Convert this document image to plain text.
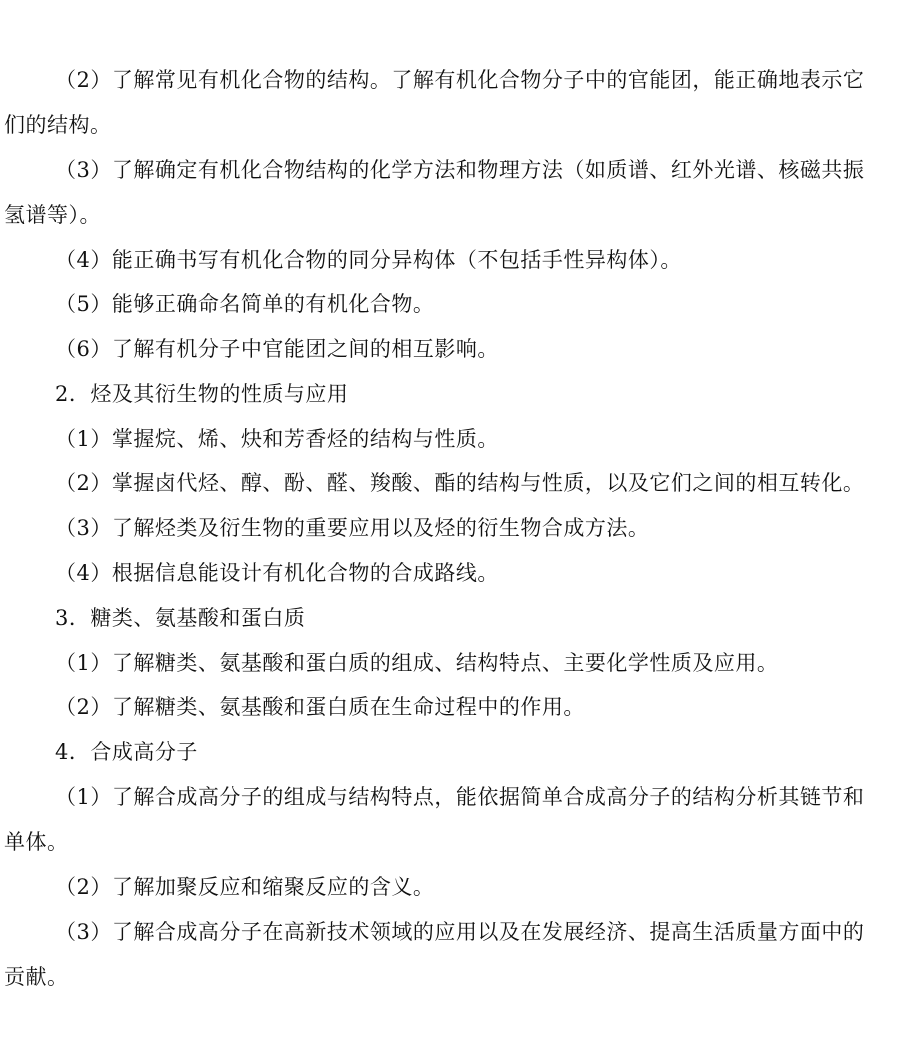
（2）了解常见有机化合物的结构。了解有机化合物分子中的官能团，能正确地表示它
们的结构。
（3）了解确定有机化合物结构的化学方法和物理方法（如质谱、红外光谱、核磁共振
氢谱等）。
（4）能正确书写有机化合物的同分异构体（不包括手性异构体）。
（5）能够正确命名简单的有机化合物。
（6）了解有机分子中官能团之间的相互影响。
2．烃及其衍生物的性质与应用
（1）掌握烷、烯、炔和芳香烃的结构与性质。
（2）掌握卤代烃、醇、酚、醛、羧酸、酯的结构与性质，以及它们之间的相互转化。
（3）了解烃类及衍生物的重要应用以及烃的衍生物合成方法。
（4）根据信息能设计有机化合物的合成路线。
3．糖类、氨基酸和蛋白质
（1）了解糖类、氨基酸和蛋白质的组成、结构特点、主要化学性质及应用。
（2）了解糖类、氨基酸和蛋白质在生命过程中的作用。
4．合成高分子
（1）了解合成高分子的组成与结构特点，能依据简单合成高分子的结构分析其链节和
单体。
（2）了解加聚反应和缩聚反应的含义。
（3）了解合成高分子在高新技术领域的应用以及在发展经济、提高生活质量方面中的
贡献。
